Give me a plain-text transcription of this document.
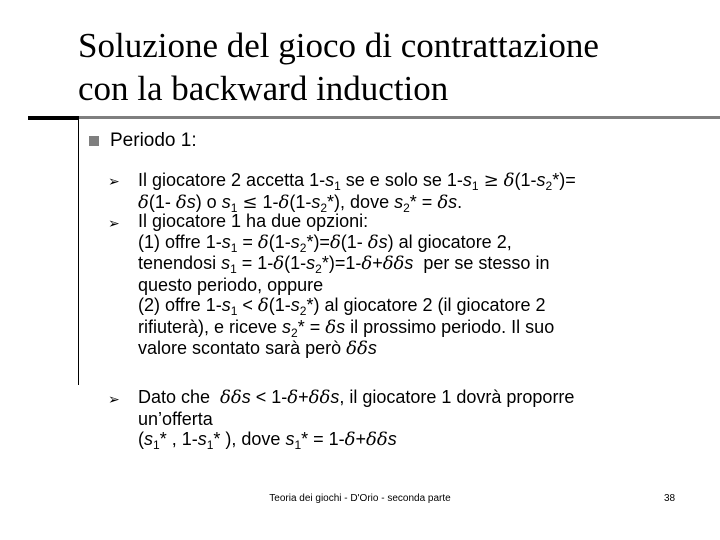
Soluzione del gioco di contrattazione
con la backward induction
Periodo 1:
➢
➢
➢
Il giocatore 2 accetta $1-s_1$ se e solo se $1-s_1 \ge \delta(1-s_2*)=$
δ(1- δs) o $s_1 \le 1-\delta(1-s_2*)$, dove $s_2* = \delta s$.
Il giocatore 1 ha due opzioni:
(1) offre $1-s_1 = \delta(1-s_2*)=\delta(1-$ δs) al giocatore 2,
tenendosi $s_1 = 1-\delta(1-s_2*)=1-\delta+\delta\delta s$  per se stesso in
questo periodo, oppure
(2) offre $1-s_1 < \delta(1-s_2*)$ al giocatore 2 (il giocatore 2
rifiuterà), e riceve $s_2* = \delta s$ il prossimo periodo. Il suo
valore scontato sarà però δδs
Dato che  δδs < 1-δ+δδs, il giocatore 1 dovrà proporre
un’offerta
($s_1*$ , $1-s_1*$ ), dove $s_1* = 1-\delta+\delta\delta s$
Teoria dei giochi - D'Orio - seconda parte	38
